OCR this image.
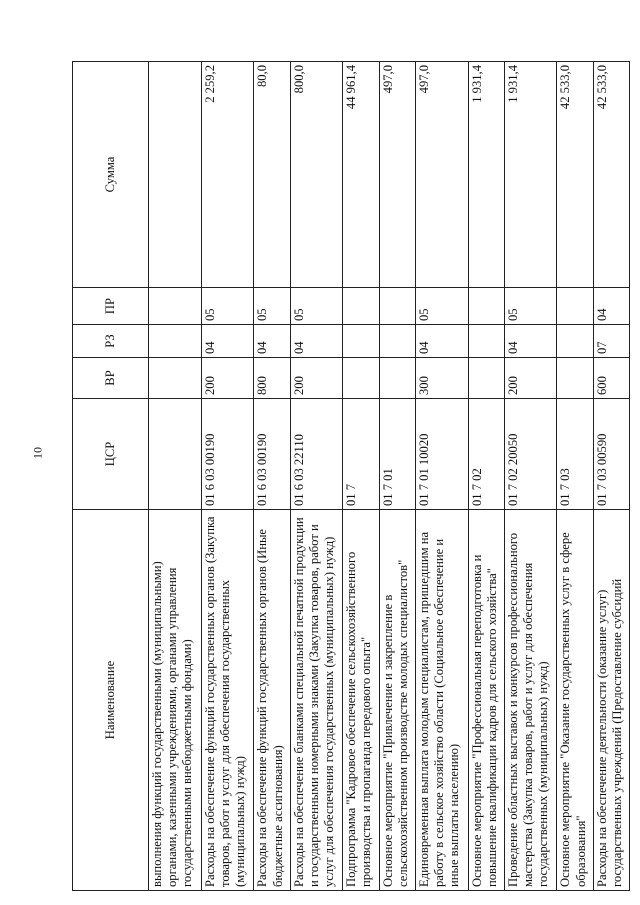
10
Наименование	ЦСР	ВР	РЗ	ПР	Сумма
выполнения функций государственными (муниципальными) органами, казенными учреждениями, органами управления государственными внебюджетными фондами)					
Расходы на обеспечение функций государственных органов (Закупка товаров, работ и услуг для обеспечения государственных (муниципальных) нужд)	01 6 03 00190	200	04	05	2 259,2
Расходы на обеспечение функций государственных органов (Иные бюджетные ассигнования)	01 6 03 00190	800	04	05	80,0
Расходы на обеспечение бланками специальной печатной продукции и государственными номерными знаками (Закупка товаров, работ и услуг для обеспечения государственных (муниципальных) нужд)	01 6 03 22110	200	04	05	800,0
Подпрограмма "Кадровое обеспечение сельскохозяйственного производства и пропаганда передового опыта"	01 7				44 961,4
Основное мероприятие "Привлечение и закрепление в сельскохозяйственном производстве молодых специалистов"	01 7 01				497,0
Единовременная выплата молодым специалистам, пришедшим на работу в сельское хозяйство области (Социальное обеспечение и иные выплаты населению)	01 7 01 10020	300	04	05	497,0
Основное мероприятие "Профессиональная переподготовка и повышение квалификации кадров для сельского хозяйства"	01 7 02				1 931,4
Проведение областных выставок и конкурсов профессионального мастерства (Закупка товаров, работ и услуг для обеспечения государственных (муниципальных) нужд)	01 7 02 20050	200	04	05	1 931,4
Основное мероприятие "Оказание государственных услуг в сфере образования"	01 7 03				42 533,0
Расходы на обеспечение деятельности (оказание услуг) государственных учреждений (Предоставление субсидий	01 7 03 00590	600	07	04	42 533,0
